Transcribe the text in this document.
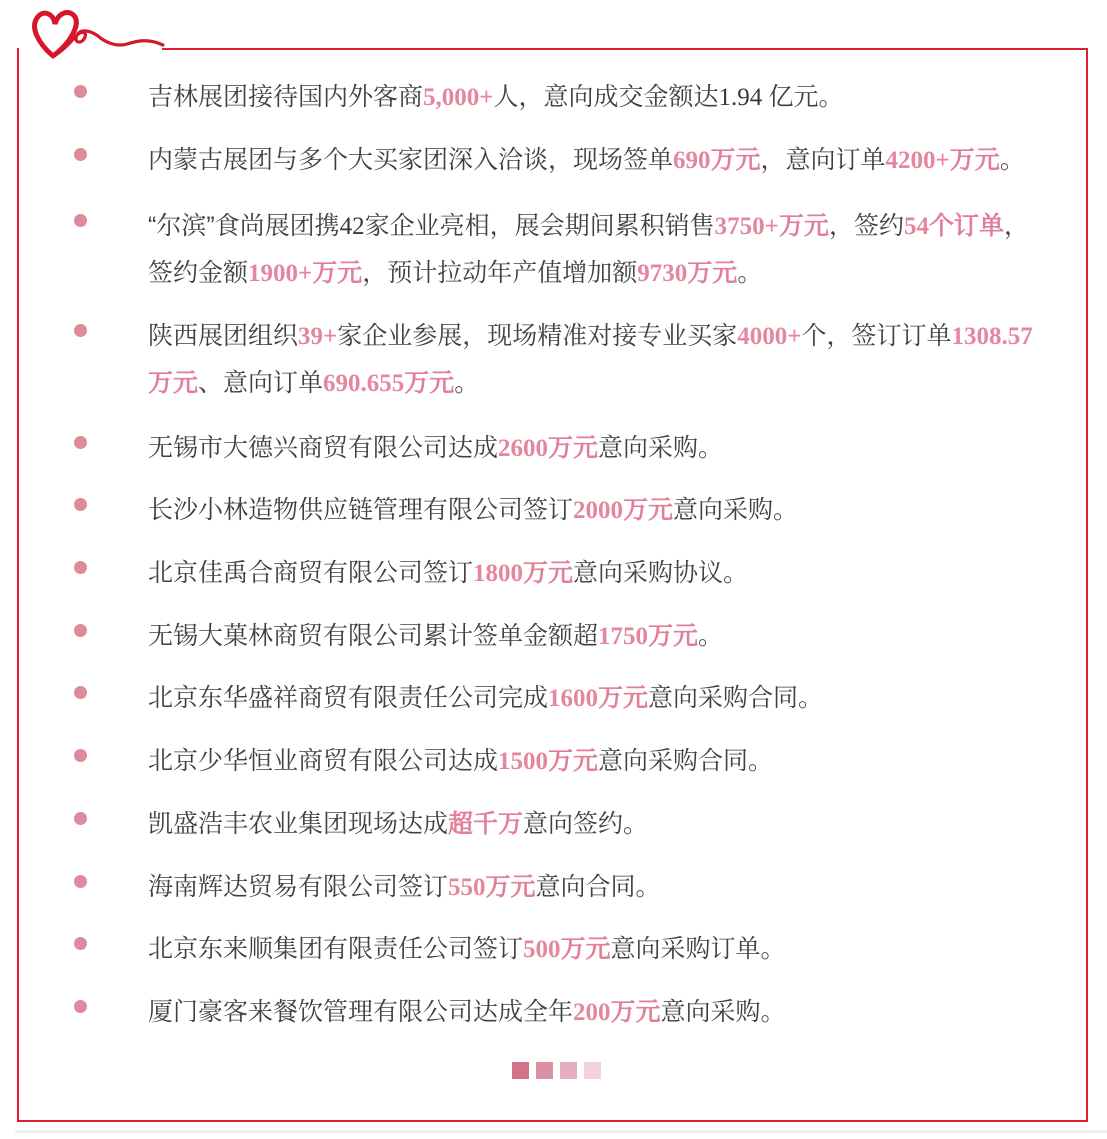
吉林展团接待国内外客商5,000+人，意向成交金额达1.94 亿元。
内蒙古展团与多个大买家团深入洽谈，现场签单690万元，意向订单4200+万元。
“尔滨”食尚展团携42家企业亮相，展会期间累积销售3750+万元，签约54个订单，
签约金额1900+万元，预计拉动年产值增加额9730万元。
陕西展团组织39+家企业参展，现场精准对接专业买家4000+个，签订订单1308.57
万元、意向订单690.655万元。
无锡市大德兴商贸有限公司达成2600万元意向采购。
长沙小林造物供应链管理有限公司签订2000万元意向采购。
北京佳禹合商贸有限公司签订1800万元意向采购协议。
无锡大菓林商贸有限公司累计签单金额超1750万元。
北京东华盛祥商贸有限责任公司完成1600万元意向采购合同。
北京少华恒业商贸有限公司达成1500万元意向采购合同。
凯盛浩丰农业集团现场达成超千万意向签约。
海南辉达贸易有限公司签订550万元意向合同。
北京东来顺集团有限责任公司签订500万元意向采购订单。
厦门豪客来餐饮管理有限公司达成全年200万元意向采购。
